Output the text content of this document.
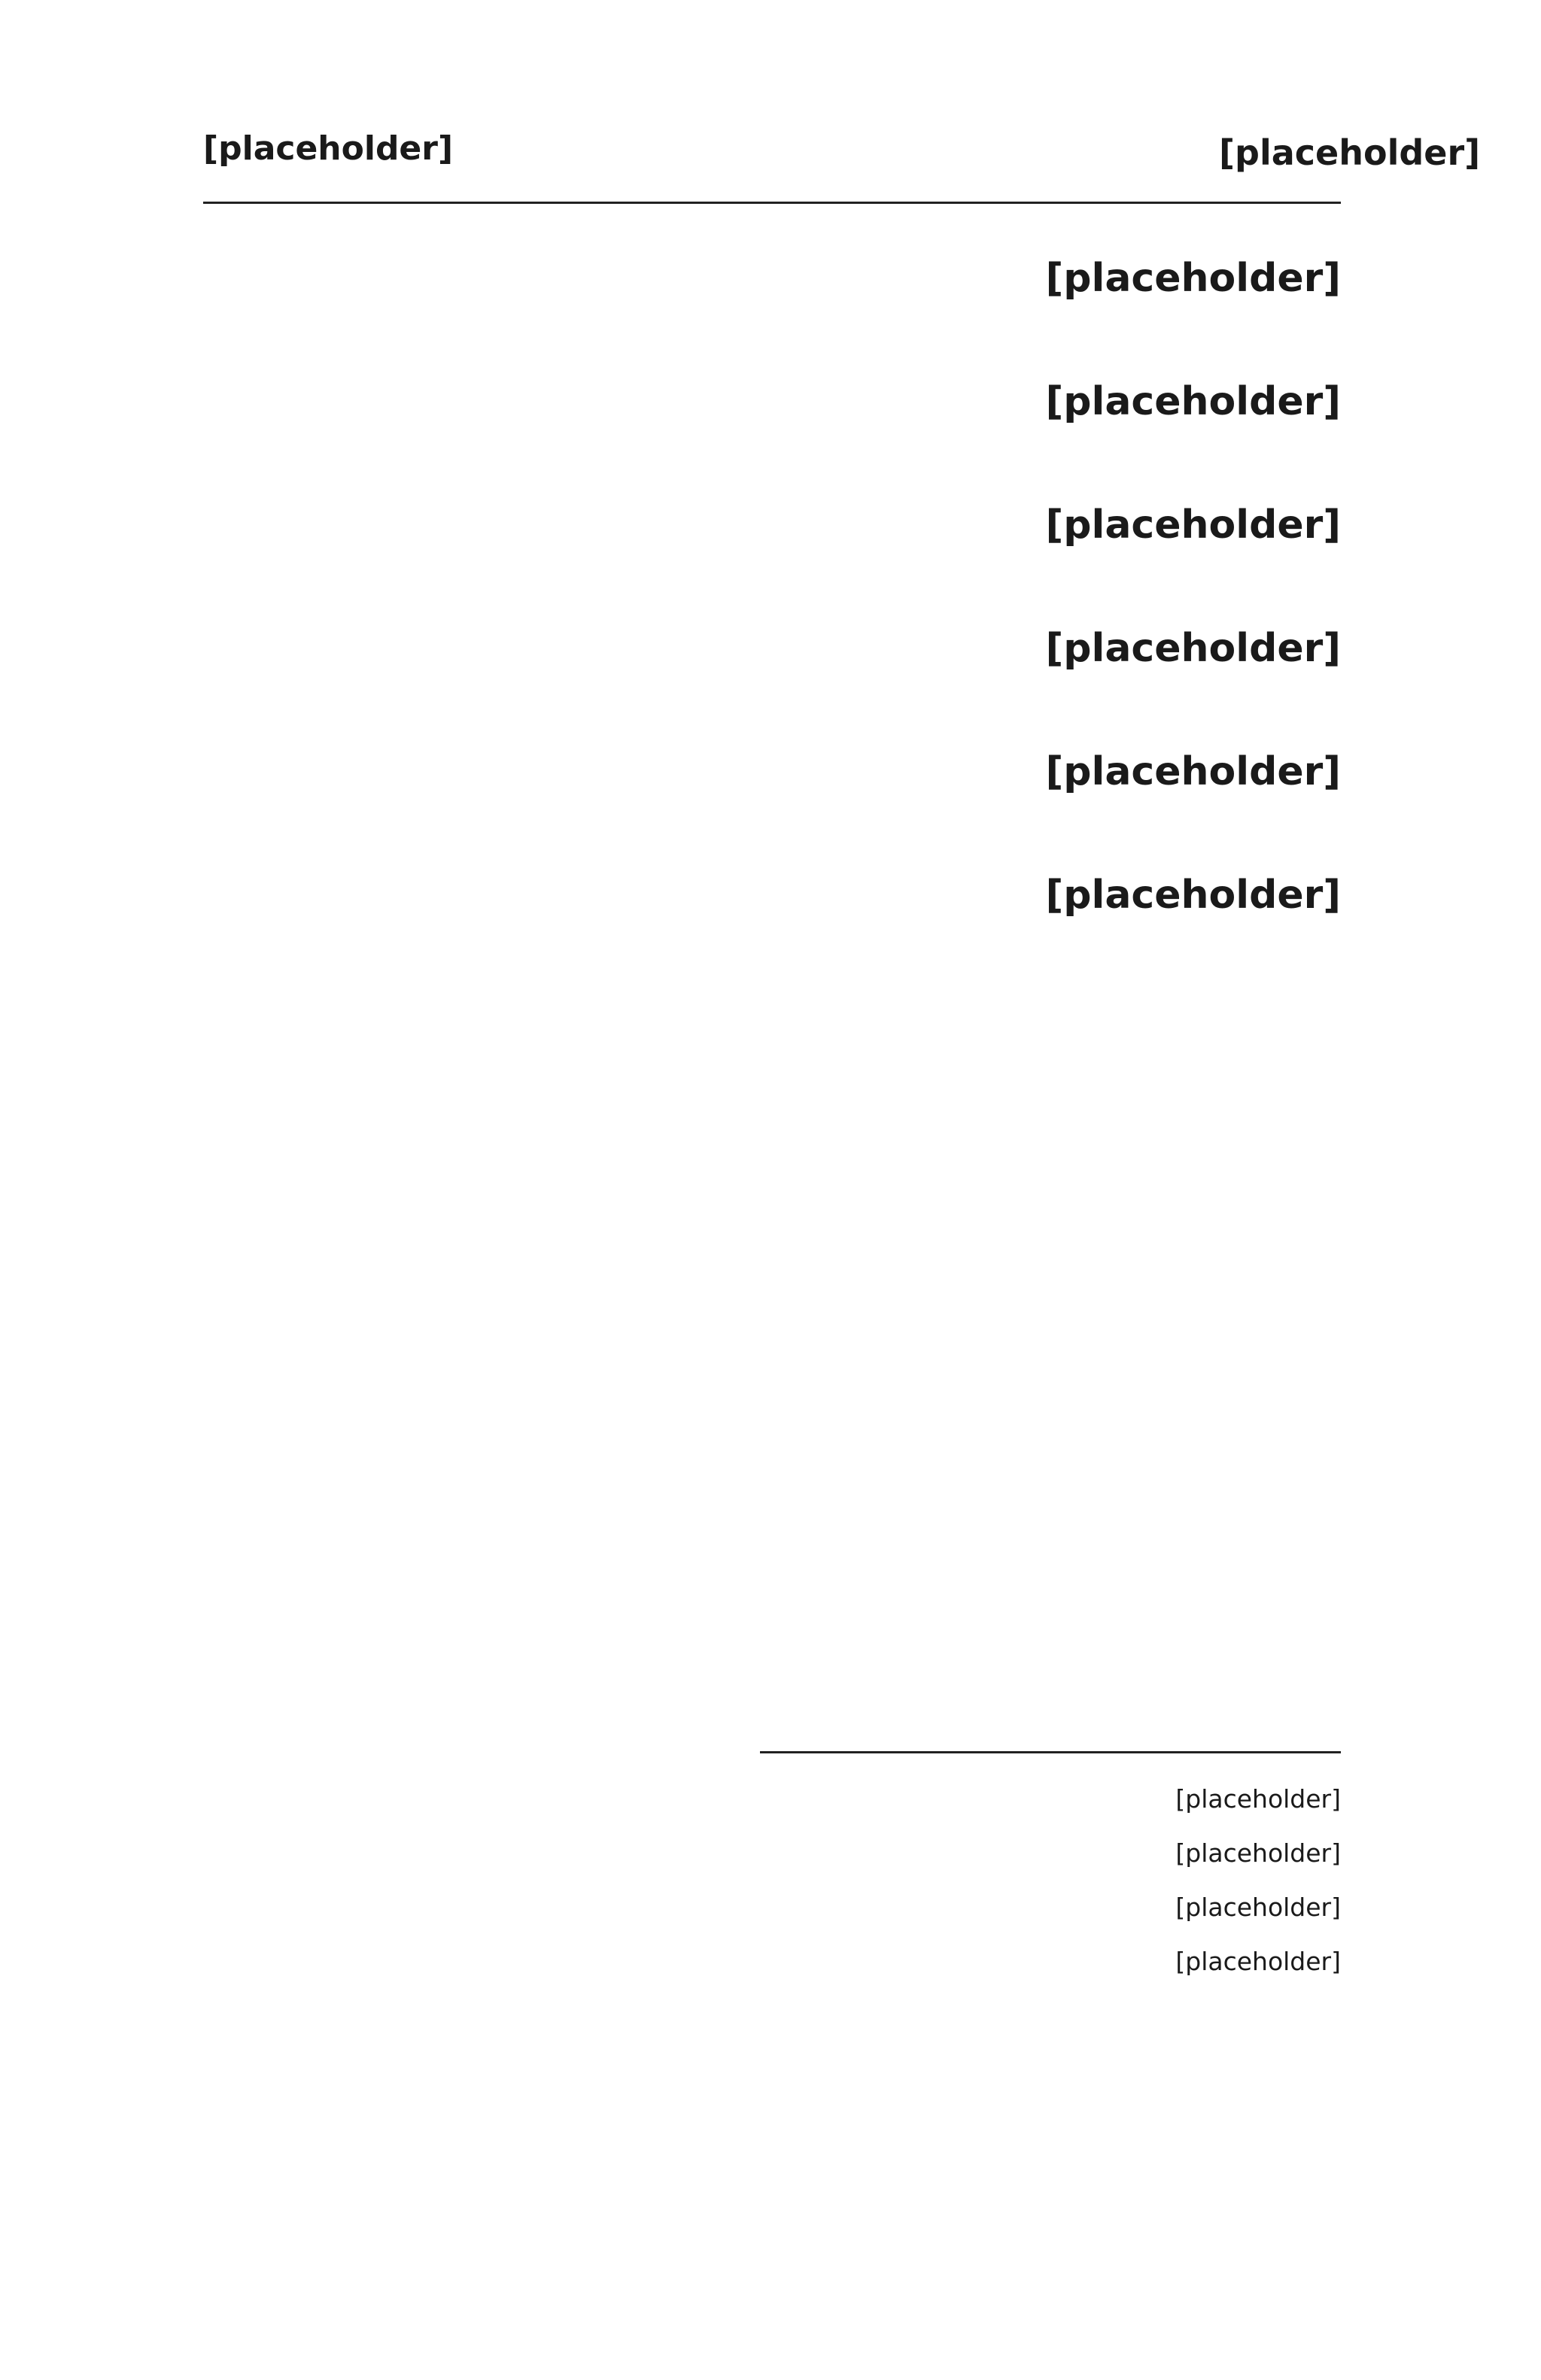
[placeholder]	[placeholder]

[placeholder]

[placeholder]

[placeholder]

[placeholder]

[placeholder]

[placeholder]

[placeholder]

[placeholder]

[placeholder]

[placeholder]
